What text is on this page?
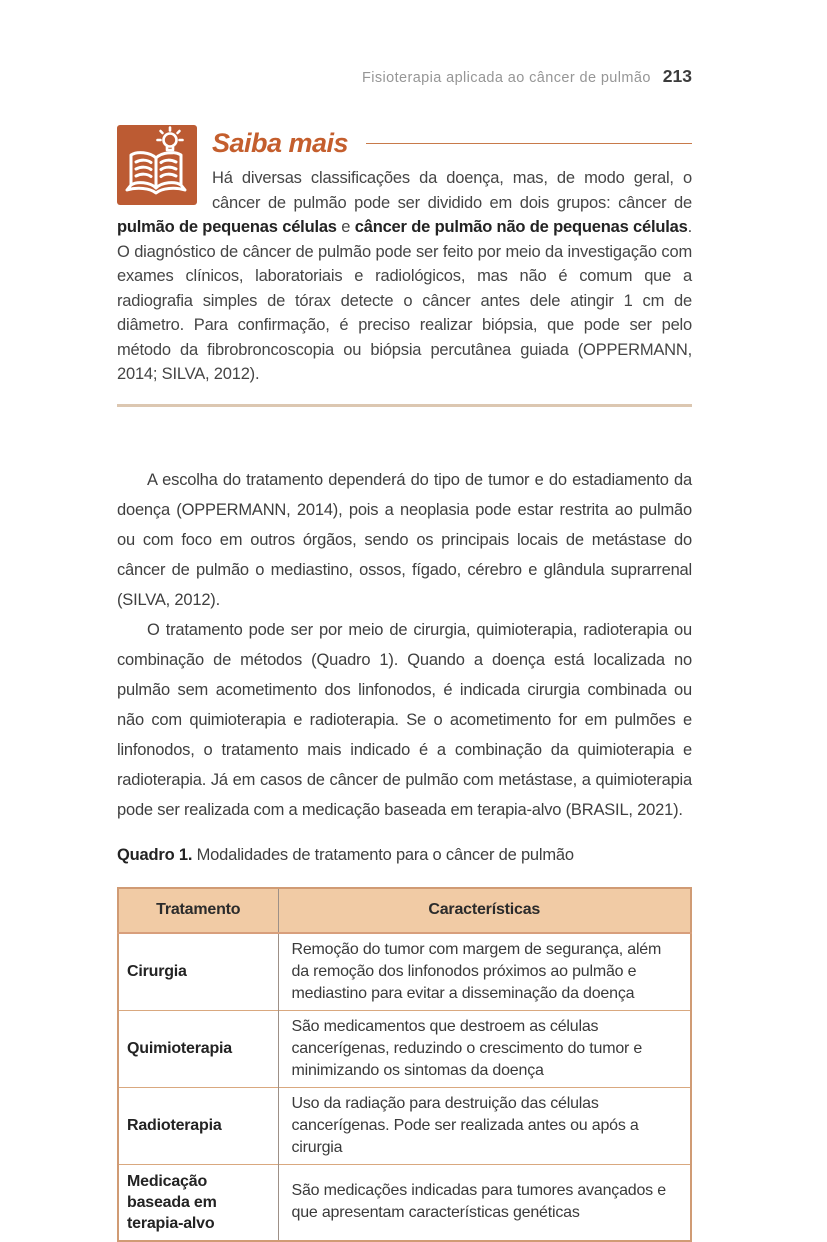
Fisioterapia aplicada ao câncer de pulmão 213
Saiba mais

Há diversas classificações da doença, mas, de modo geral, o câncer de pulmão pode ser dividido em dois grupos: câncer de pulmão de pequenas células e câncer de pulmão não de pequenas células. O diagnóstico de câncer de pulmão pode ser feito por meio da investigação com exames clínicos, laboratoriais e radiológicos, mas não é comum que a radiografia simples de tórax detecte o câncer antes dele atingir 1 cm de diâmetro. Para confirmação, é preciso realizar biópsia, que pode ser pelo método da fibrobroncoscopia ou biópsia percutânea guiada (OPPERMANN, 2014; SILVA, 2012).

A escolha do tratamento dependerá do tipo de tumor e do estadiamento da doença (OPPERMANN, 2014), pois a neoplasia pode estar restrita ao pulmão ou com foco em outros órgãos, sendo os principais locais de metástase do câncer de pulmão o mediastino, ossos, fígado, cérebro e glândula suprarrenal (SILVA, 2012).

O tratamento pode ser por meio de cirurgia, quimioterapia, radioterapia ou combinação de métodos (Quadro 1). Quando a doença está localizada no pulmão sem acometimento dos linfonodos, é indicada cirurgia combinada ou não com quimioterapia e radioterapia. Se o acometimento for em pulmões e linfonodos, o tratamento mais indicado é a combinação da quimioterapia e radioterapia. Já em casos de câncer de pulmão com metástase, a quimioterapia pode ser realizada com a medicação baseada em terapia-alvo (BRASIL, 2021).

Quadro 1. Modalidades de tratamento para o câncer de pulmão

Tratamento	Características
Cirurgia	Remoção do tumor com margem de segurança, além da remoção dos linfonodos próximos ao pulmão e mediastino para evitar a disseminação da doença
Quimioterapia	São medicamentos que destroem as células cancerígenas, reduzindo o crescimento do tumor e minimizando os sintomas da doença
Radioterapia	Uso da radiação para destruição das células cancerígenas. Pode ser realizada antes ou após a cirurgia
Medicação baseada em terapia-alvo	São medicações indicadas para tumores avançados e que apresentam características genéticas
